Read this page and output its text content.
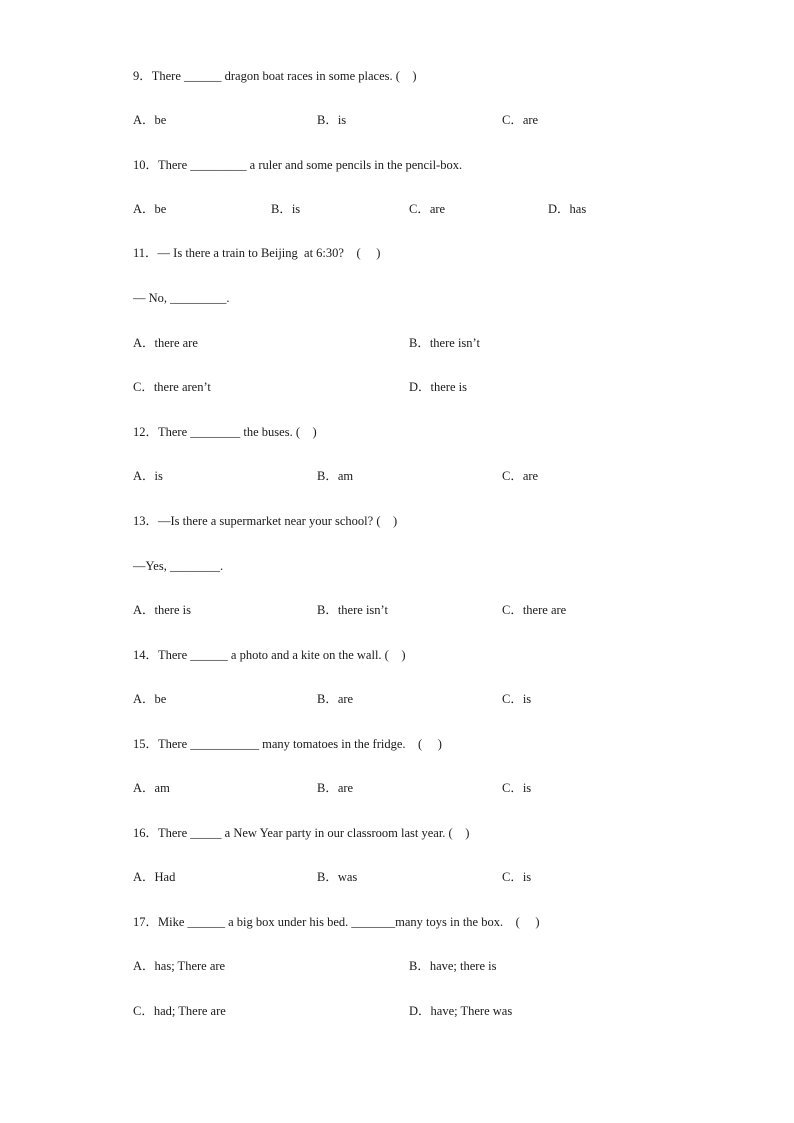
9．There ______ dragon boat races in some places. (    )
A．be	B．is	C．are
10．There _________ a ruler and some pencils in the pencil-box.
A．be	B．is	C．are	D．has
11．— Is there a train to Beijing  at 6:30?    (     )
— No, _________.
A．there are	B．there isn’t
C．there aren’t	D．there is
12．There ________ the buses. (    )
A．is	B．am	C．are
13．—Is there a supermarket near your school? (    )
—Yes, ________.
A．there is	B．there isn’t	C．there are
14．There ______ a photo and a kite on the wall. (    )
A．be	B．are	C．is
15．There ___________ many tomatoes in the fridge.    (     )
A．am	B．are	C．is
16．There _____ a New Year party in our classroom last year. (    )
A．Had	B．was	C．is
17．Mike ______ a big box under his bed. _______many toys in the box.    (     )
A．has; There are	B．have; there is
C．had; There are	D．have; There was
